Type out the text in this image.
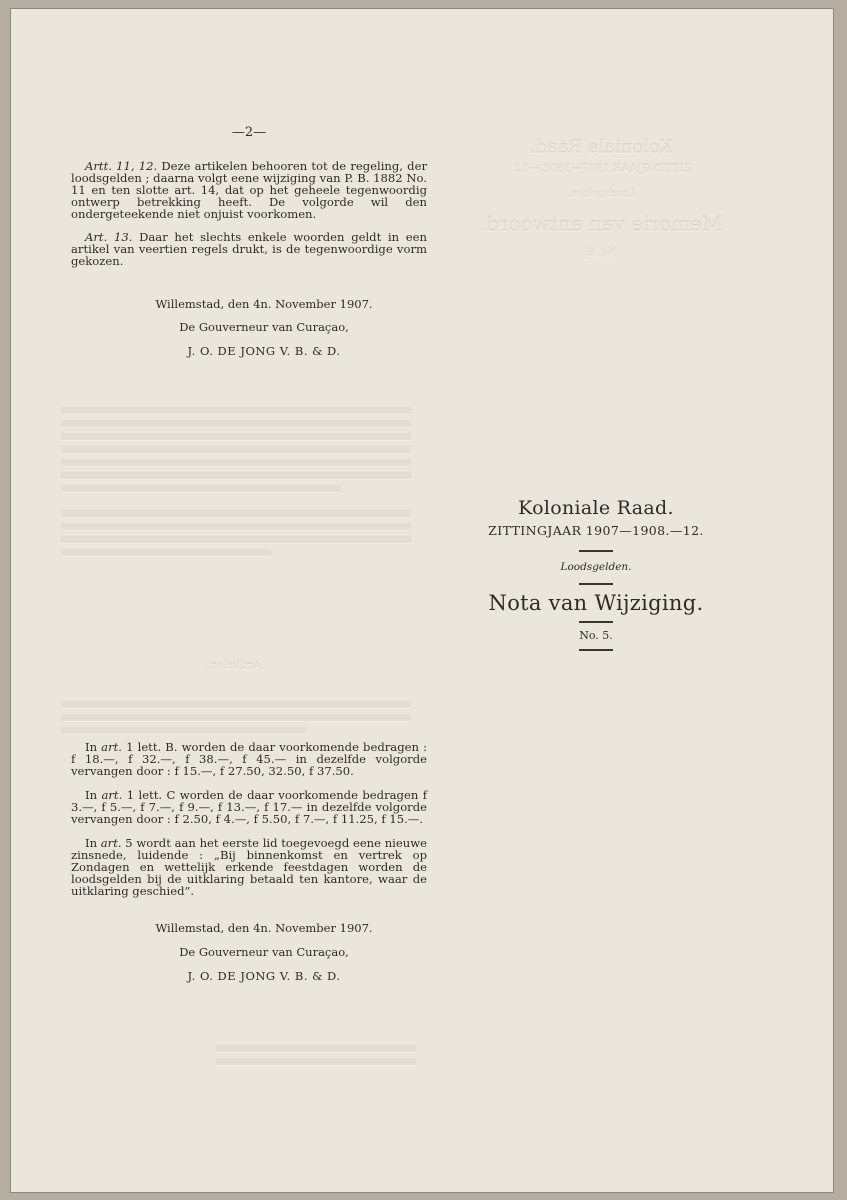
Koloniale Raad.
ZITTINGJAAR 1907—1908.—12.
Loodsgelden.
Memorie van antwoord.
No. 6.
Artikelen.
—2—

Artt. 11, 12. Deze artikelen behooren tot de regeling, der loodsgelden ; daarna volgt eene wijziging van P. B. 1882 No. 11 en ten slotte art. 14, dat op het geheele tegenwoordig ontwerp betrekking heeft. De volgorde wil den ondergeteekende niet onjuist voorkomen.

Art. 13. Daar het slechts enkele woorden geldt in een artikel van veertien regels drukt, is de tegenwoordige vorm gekozen.

Willemstad, den 4n. November 1907.
De Gouverneur van Curaçao,
J. O. DE JONG V. B. & D.

In art. 1 lett. B. worden de daar voorkomende bedragen : f 18.—, f 32.—, f 38.—, f 45.— in dezelfde volgorde vervangen door : f 15.—, f 27.50, 32.50, f 37.50.

In art. 1 lett. C worden de daar voorkomende bedragen f 3.—, f 5.—, f 7.—, f 9.—, f 13.—, f 17.— in dezelfde volgorde vervangen door : f 2.50, f 4.—, f 5.50, f 7.—, f 11.25, f 15.—.

In art. 5 wordt aan het eerste lid toegevoegd eene nieuwe zinsnede, luidende : „Bij binnenkomst en vertrek op Zondagen en wettelijk erkende feestdagen worden de loodsgelden bij de uitklaring betaald ten kantore, waar de uitklaring geschied”.

Willemstad, den 4n. November 1907.
De Gouverneur van Curaçao,
J. O. DE JONG V. B. & D.
Koloniale Raad.
ZITTINGJAAR 1907—1908.—12.
Loodsgelden.
Nota van Wijziging.
No. 5.
